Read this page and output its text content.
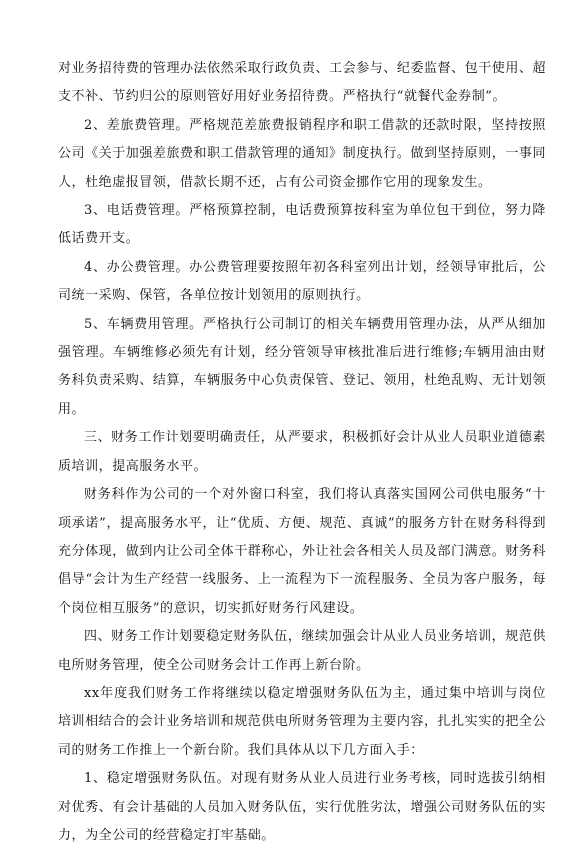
对业务招待费的管理办法依然采取行政负责、工会参与、纪委监督、包干使用、超支不补、节约归公的原则管好用好业务招待费。严格执行“就餐代金券制”。

2、差旅费管理。严格规范差旅费报销程序和职工借款的还款时限，坚持按照公司《关于加强差旅费和职工借款管理的通知》制度执行。做到坚持原则，一事同人，杜绝虚报冒领，借款长期不还，占有公司资金挪作它用的现象发生。

3、电话费管理。严格预算控制，电话费预算按科室为单位包干到位，努力降低话费开支。

4、办公费管理。办公费管理要按照年初各科室列出计划，经领导审批后，公司统一采购、保管，各单位按计划领用的原则执行。

5、车辆费用管理。严格执行公司制订的相关车辆费用管理办法，从严从细加强管理。车辆维修必须先有计划，经分管领导审核批准后进行维修;车辆用油由财务科负责采购、结算，车辆服务中心负责保管、登记、领用，杜绝乱购、无计划领用。

三、财务工作计划要明确责任，从严要求，积极抓好会计从业人员职业道德素质培训，提高服务水平。

财务科作为公司的一个对外窗口科室，我们将认真落实国网公司供电服务“十项承诺”，提高服务水平，让“优质、方便、规范、真诚”的服务方针在财务科得到充分体现，做到内让公司全体干群称心，外让社会各相关人员及部门满意。财务科倡导“会计为生产经营一线服务、上一流程为下一流程服务、全员为客户服务，每个岗位相互服务”的意识，切实抓好财务行风建设。

四、财务工作计划要稳定财务队伍，继续加强会计从业人员业务培训，规范供电所财务管理，使全公司财务会计工作再上新台阶。

xx年度我们财务工作将继续以稳定增强财务队伍为主，通过集中培训与岗位培训相结合的会计业务培训和规范供电所财务管理为主要内容，扎扎实实的把全公司的财务工作推上一个新台阶。我们具体从以下几方面入手：

1、稳定增强财务队伍。对现有财务从业人员进行业务考核，同时选拔引纳相对优秀、有会计基础的人员加入财务队伍，实行优胜劣汰，增强公司财务队伍的实力，为全公司的经营稳定打牢基础。
